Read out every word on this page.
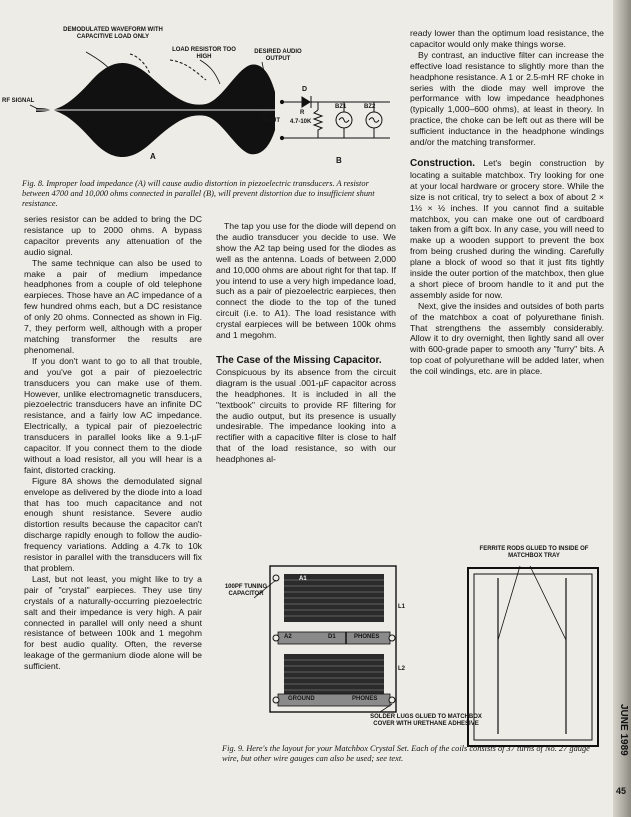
DEMODULATED WAVEFORM WITH CAPACITIVE LOAD ONLY
LOAD RESISTOR TOO HIGH
DESIRED AUDIO OUTPUT
RF SIGNAL
D
RF INPUT
R
4.7-10K
BZ1	BZ2
A	B
Fig. 8. Improper load impedance (A) will cause audio distortion in piezoelectric transducers. A resistor between 4700 and 10,000 ohms connected in parallel (B), will prevent distortion due to insufficient shunt resistance.

series resistor can be added to bring the DC resistance up to 2000 ohms. A bypass capacitor prevents any attenuation of the audio signal.

The same technique can also be used to make a pair of medium impedance headphones from a couple of old telephone earpieces. Those have an AC impedance of a few hundred ohms each, but a DC resistance of only 20 ohms. Connected as shown in Fig. 7, they perform well, although with a proper matching transformer the results are phenomenal.

If you don't want to go to all that trouble, and you've got a pair of piezoelectric transducers you can make use of them. However, unlike electromagnetic transducers, piezoelectric transducers have an infinite DC resistance, and a fairly low AC impedance. Electrically, a typical pair of piezoelectric transducers in parallel looks like a 9.1-µF capacitor. If you connect them to the diode without a load resistor, all you will hear is a faint, distorted cracking.

Figure 8A shows the demodulated signal envelope as delivered by the diode into a load that has too much capacitance and not enough shunt resistance. Severe audio distortion results because the capacitor can't discharge rapidly enough to follow the audio-frequency variations. Adding a 4.7k to 10k resistor in parallel with the transducers will fix that problem.

Last, but not least, you might like to try a pair of "crystal" earpieces. They use tiny crystals of a naturally-occurring piezoelectric salt and their impedance is very high. A pair connected in parallel will only need a shunt resistance of between 100k and 1 megohm for best audio quality. Often, the reverse leakage of the germanium diode alone will be sufficient.

The tap you use for the diode will depend on the audio transducer you decide to use. We show the A2 tap being used for the diodes as well as the antenna. Loads of between 2,000 and 10,000 ohms are about right for that tap. If you intend to use a very high impedance load, such as a pair of piezoelectric earpieces, then connect the diode to the top of the tuned circuit (i.e. to A1). The load resistance with crystal earpieces will be between 100k ohms and 1 megohm.

The Case of the Missing Capacitor.

Conspicuous by its absence from the circuit diagram is the usual .001-µF capacitor across the headphones. It is included in all the "textbook" circuits to provide RF filtering for the audio output, but its presence is usually undesirable. The impedance looking into a rectifier with a capacitive filter is close to half that of the load resistance, so with our headphones al-

ready lower than the optimum load resistance, the capacitor would only make things worse.

By contrast, an inductive filter can increase the effective load resistance to slightly more than the headphone resistance. A 1 or 2.5-mH RF choke in series with the diode may well improve the performance with low impedance headphones (typically 1,000–600 ohms), at least in theory. In practice, the choke can be left out as there will be sufficient inductance in the headphone windings and/or the matching transformer.

Construction. Let's begin construction by locating a suitable matchbox. Try looking for one at your local hardware or grocery store. While the size is not critical, try to select a box of about 2 × 1½ × ½ inches. If you cannot find a suitable matchbox, you can make one out of cardboard taken from a gift box. In any case, you will need to make up a wooden support to prevent the box from being crushed during the winding. Carefully plane a block of wood so that it just fits tightly inside the outer portion of the matchbox, then glue a short piece of broom handle to it and put the assembly aside for now.

Next, give the insides and outsides of both parts of the matchbox a coat of polyurethane finish. That strengthens the assembly considerably. Allow it to dry overnight, then lightly sand all over with 600-grade paper to smooth any "furry" bits. A top coat of polyurethane will be added later, when the coil windings, etc. are in place.

FERRITE RODS GLUED TO INSIDE OF MATCHBOX TRAY
100PF TUNING CAPACITOR
A1
A2	D1	PHONES
GROUND	PHONES
L1
L2
SOLDER LUGS GLUED TO MATCHBOX COVER WITH URETHANE ADHESIVE
Fig. 9. Here's the layout for your Matchbox Crystal Set. Each of the coils consists of 37 turns of No. 27 gauge wire, but other wire gauges can also be used; see text.
JUNE 1989
45
